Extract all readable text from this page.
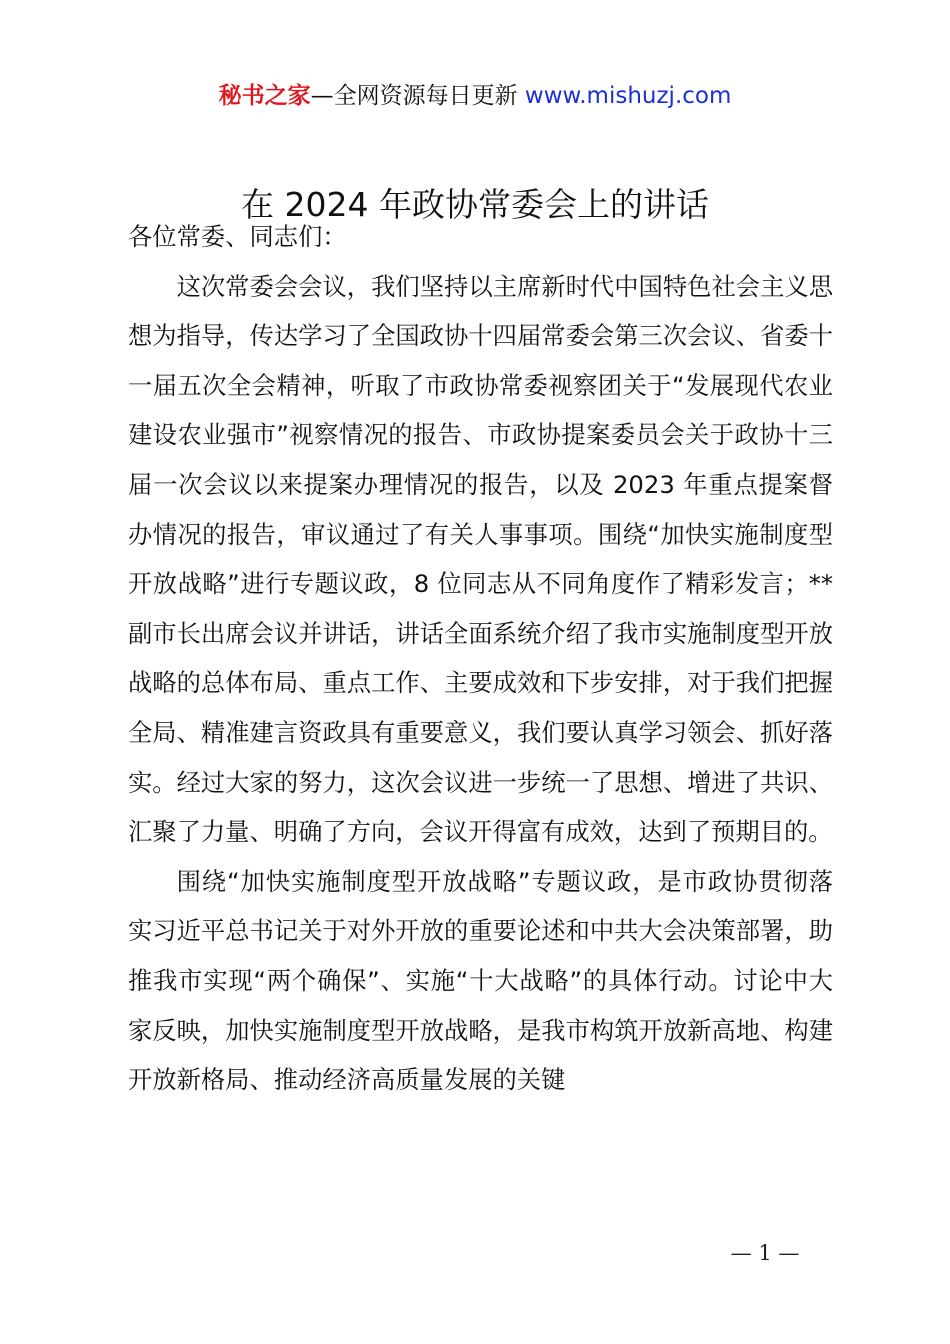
秘书之家—全网资源每日更新 www.mishuzj.com
在 2024 年政协常委会上的讲话

各位常委、同志们：

这次常委会会议，我们坚持以主席新时代中国特色社会主义思想为指导，传达学习了全国政协十四届常委会第三次会议、省委十一届五次全会精神，听取了市政协常委视察团关于“发展现代农业建设农业强市”视察情况的报告、市政协提案委员会关于政协十三届一次会议以来提案办理情况的报告，以及 2023 年重点提案督办情况的报告，审议通过了有关人事事项。围绕“加快实施制度型开放战略”进行专题议政，8 位同志从不同角度作了精彩发言；**副市长出席会议并讲话，讲话全面系统介绍了我市实施制度型开放战略的总体布局、重点工作、主要成效和下步安排，对于我们把握全局、精准建言资政具有重要意义，我们要认真学习领会、抓好落实。经过大家的努力，这次会议进一步统一了思想、增进了共识、汇聚了力量、明确了方向，会议开得富有成效，达到了预期目的。

围绕“加快实施制度型开放战略”专题议政，是市政协贯彻落实习近平总书记关于对外开放的重要论述和中共大会决策部署，助推我市实现“两个确保”、实施“十大战略”的具体行动。讨论中大家反映，加快实施制度型开放战略，是我市构筑开放新高地、构建开放新格局、推动经济高质量发展的关键

— 1 —
